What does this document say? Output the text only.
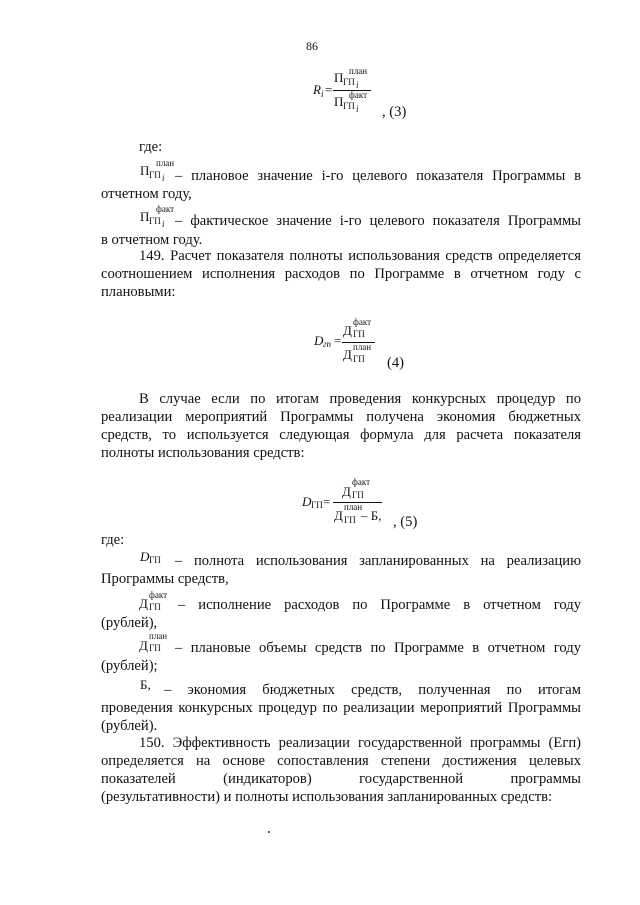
86
R i =
план
П ГП i
факт
П ГП i , (3)
где:
П ГП i
план
– плановое значение i-го целевого показателя Программы в
отчетном году,
П ГП i
факт
– фактическое значение i-го целевого показателя Программы
в отчетном году.
149. Расчет показателя полноты использования средств определяется
соотношением исполнения расходов по Программе в отчетном году с
плановыми:
D гп =
Д
факт
ГП
Д план
ГП (4)
В случае если по итогам проведения конкурсных процедур по
реализации мероприятий Программы получена экономия бюджетных
средств, то используется следующая формула для расчета показателя
полноты использования средств:
D ГП =
Д
факт
ГП
Д
план
ГП – Б, , (5)
где:
D ГП – полнота использования запланированных на реализацию
Программы средств,
Д
факт
ГП – исполнение расходов по Программе в отчетном году
(рублей),
Д
план
ГП – плановые объемы средств по Программе в отчетном году
(рублей);
Б, – экономия бюджетных средств, полученная по итогам
проведения конкурсных процедур по реализации мероприятий Программы
(рублей).
150. Эффективность реализации государственной программы (Егп)
определяется на основе сопоставления степени достижения целевых
показателей (индикаторов) государственной программы
(результативности) и полноты использования запланированных средств:
